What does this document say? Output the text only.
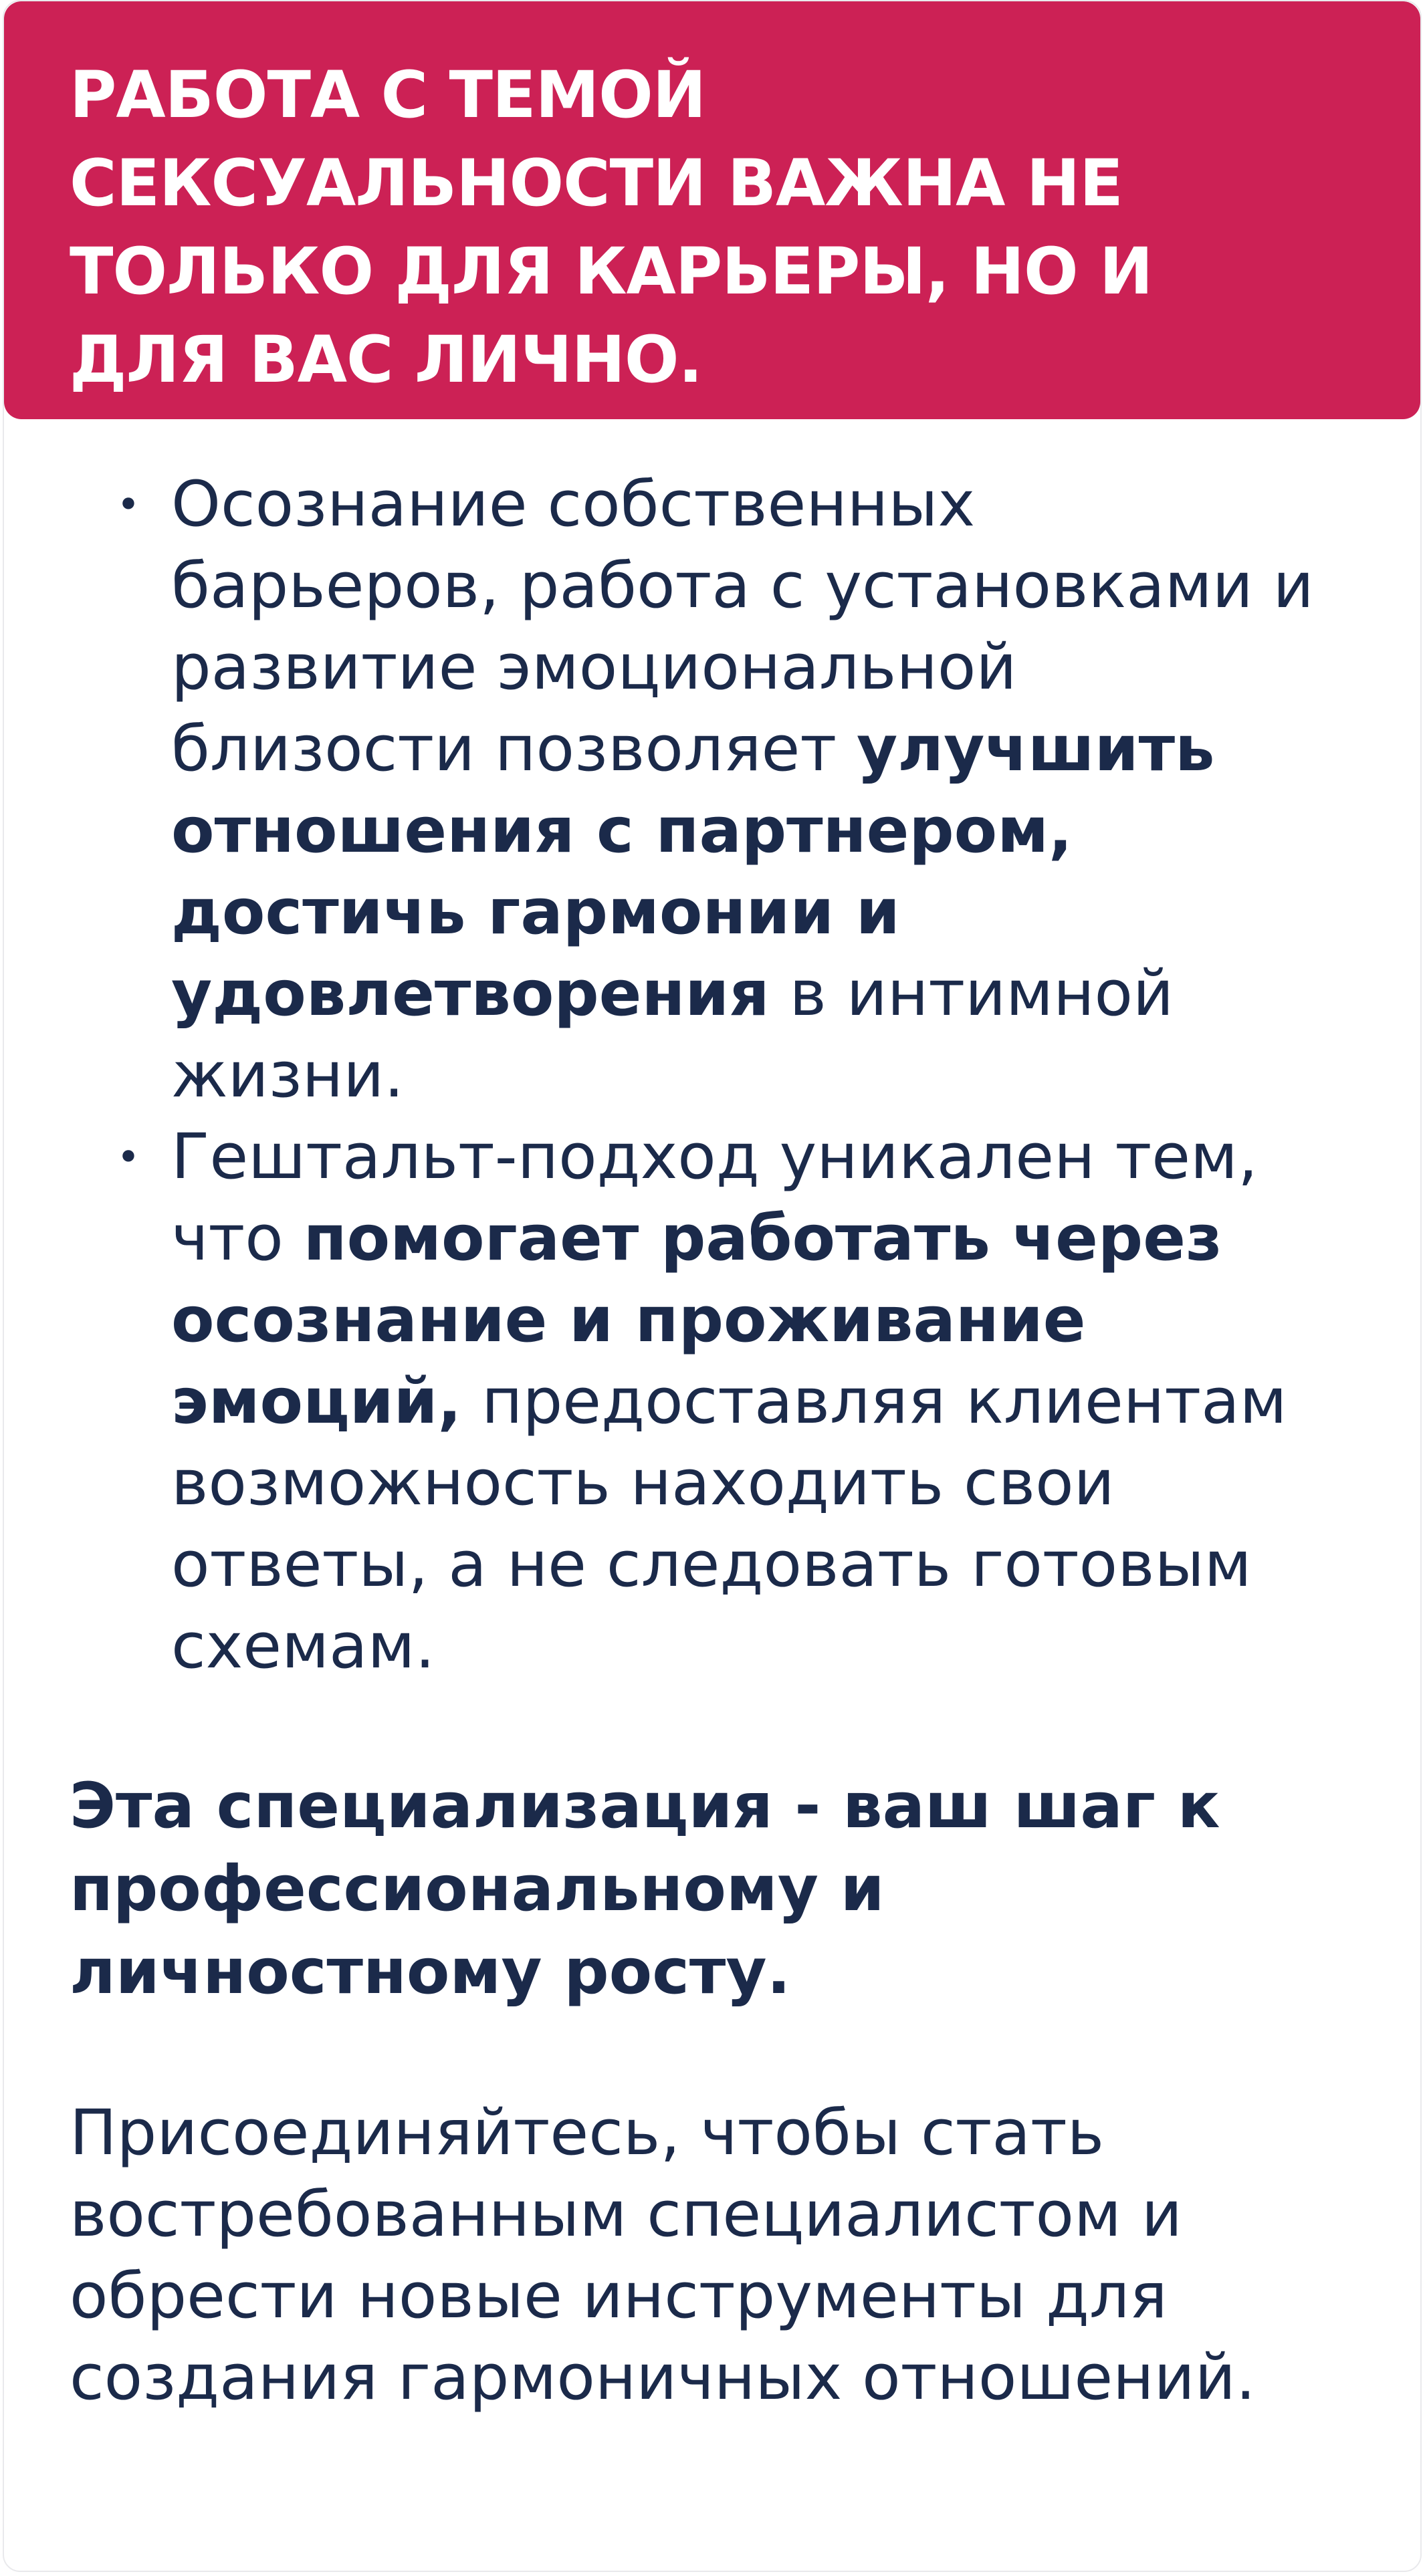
РАБОТА С ТЕМОЙ СЕКСУАЛЬНОСТИ ВАЖНА НЕ ТОЛЬКО ДЛЯ КАРЬЕРЫ, НО И ДЛЯ ВАС ЛИЧНО.
• Осознание собственных барьеров, работа с установками и развитие эмоциональной близости позволяет улучшить отношения с партнером, достичь гармонии и удовлетворения в интимной жизни.
• Гештальт-подход уникален тем, что помогает работать через осознание и проживание эмоций, предоставляя клиентам возможность находить свои ответы, а не следовать готовым схемам.

Эта специализация - ваш шаг к профессиональному и личностному росту.

Присоединяйтесь, чтобы стать востребованным специалистом и обрести новые инструменты для создания гармоничных отношений.
